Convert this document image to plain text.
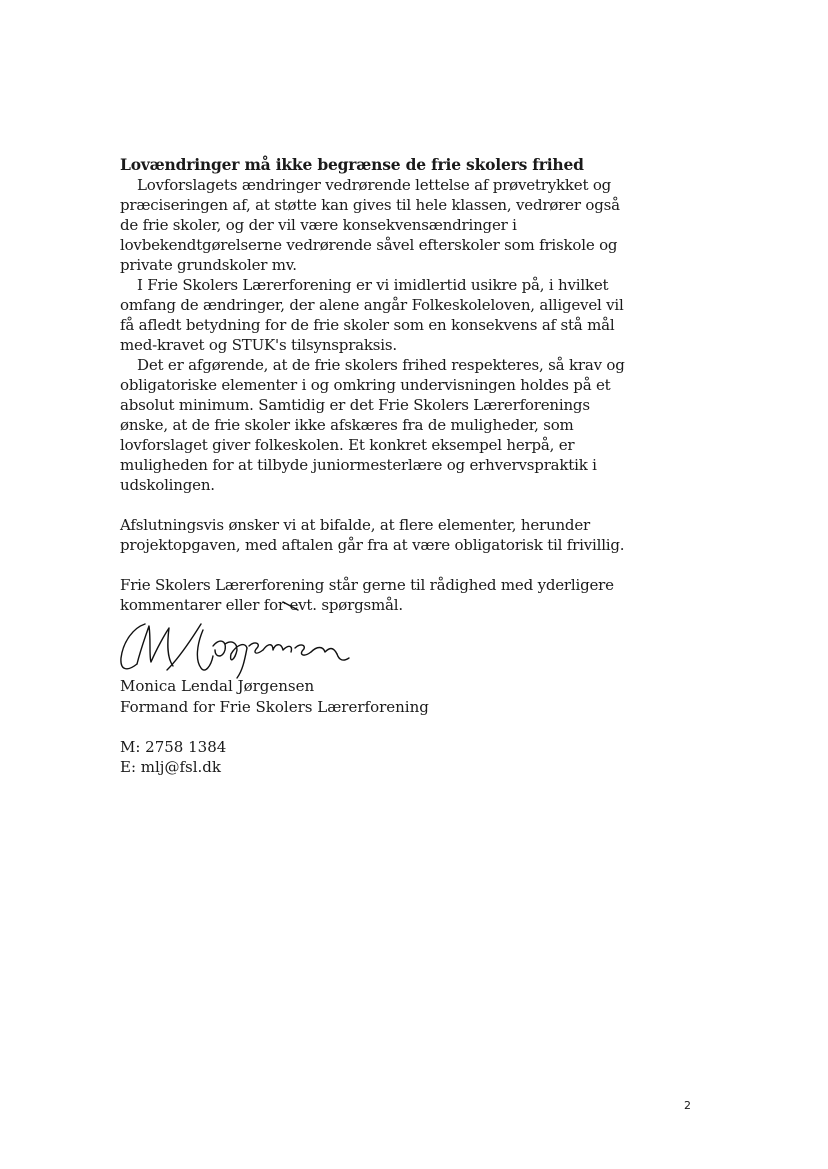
Lovændringer må ikke begrænse de frie skolers frihed

Lovforslagets ændringer vedrørende lettelse af prøvetrykket og præciseringen af, at støtte kan gives til hele klassen, vedrører også de frie skoler, og der vil være konsekvensændringer i lovbekendtgørelserne vedrørende såvel efterskoler som friskole og private grundskoler mv.

I Frie Skolers Lærerforening er vi imidlertid usikre på, i hvilket omfang de ændringer, der alene angår Folkeskoleloven, alligevel vil få afledt betydning for de frie skoler som en konsekvens af stå mål med-kravet og STUK's tilsynspraksis.

Det er afgørende, at de frie skolers frihed respekteres, så krav og obligatoriske elementer i og omkring undervisningen holdes på et absolut minimum. Samtidig er det Frie Skolers Lærerforenings ønske, at de frie skoler ikke afskæres fra de muligheder, som lovforslaget giver folkeskolen. Et konkret eksempel herpå, er muligheden for at tilbyde juniormesterlære og erhvervspraktik i udskolingen.

Afslutningsvis ønsker vi at bifalde, at flere elementer, herunder projektopgaven, med aftalen går fra at være obligatorisk til frivillig.

Frie Skolers Lærerforening står gerne til rådighed med yderligere kommentarer eller for evt. spørgsmål.

Monica Lendal Jørgensen
Formand for Frie Skolers Lærerforening
M: 2758 1384
E: mlj@fsl.dk
2
